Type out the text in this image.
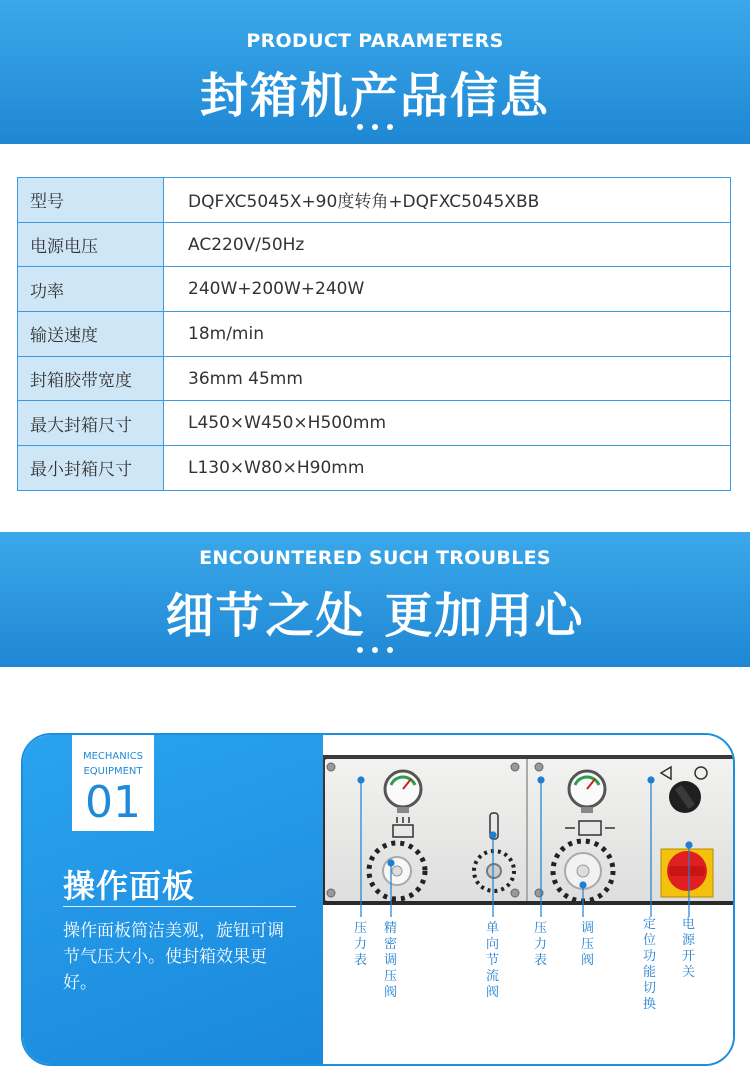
PRODUCT PARAMETERS
封箱机产品信息
型号	DQFXC5045X+90度转角+DQFXC5045XBB
电源电压	AC220V/50Hz
功率	240W+200W+240W
输送速度	18m/min
封箱胶带宽度	36mm 45mm
最大封箱尺寸	L450×W450×H500mm
最小封箱尺寸	L130×W80×H90mm
ENCOUNTERED SUCH TROUBLES
细节之处 更加用心
MECHANICS
EQUIPMENT
01
操作面板
操作面板简洁美观，旋钮可调节气压大小。使封箱效果更好。
压力表
精密调压阀
单向节流阀
压力表
调压阀
定位功能切换
电源开关
